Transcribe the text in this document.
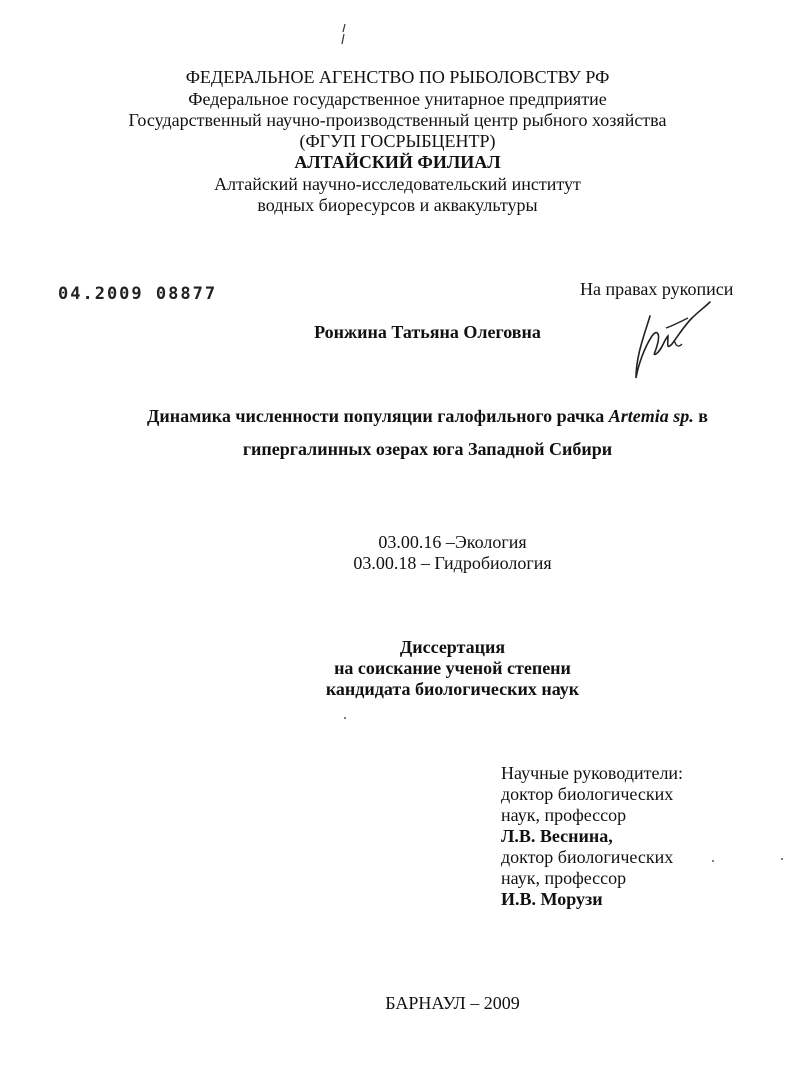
ФЕДЕРАЛЬНОЕ АГЕНСТВО ПО РЫБОЛОВСТВУ РФ
Федеральное государственное унитарное предприятие
Государственный научно-производственный центр рыбного хозяйства
(ФГУП ГОСРЫБЦЕНТР)
АЛТАЙСКИЙ ФИЛИАЛ
Алтайский научно-исследовательский институт
водных биоресурсов и аквакультуры
04.2009 08877	На правах рукописи
Ронжина Татьяна Олеговна
Динамика численности популяции галофильного рачка Artemia sp. в
гипергалинных озерах юга Западной Сибири
03.00.16 –Экология
03.00.18 – Гидробиология
Диссертация
на соискание ученой степени
кандидата биологических наук
Научные руководители:
доктор биологических
наук, профессор
Л.В. Веснина,
доктор биологических
наук, профессор
И.В. Морузи
БАРНАУЛ – 2009
